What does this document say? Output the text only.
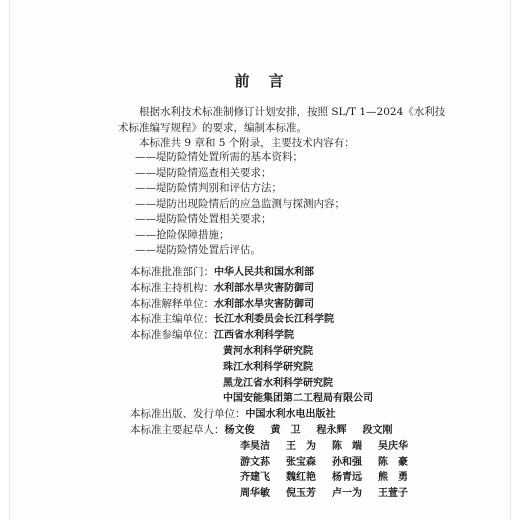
前　言

根据水利技术标准制修订计划安排，按照 SL/T 1—2024《水利技术标准编写规程》的要求，编制本标准。
本标准共 9 章和 5 个附录，主要技术内容有：

——堤防险情处置所需的基本资料；
——堤防险情巡查相关要求；
——堤防险情判别和评估方法；
——堤防出现险情后的应急监测与探测内容；
——堤防险情处置相关要求；
——抢险保障措施；
——堤防险情处置后评估。
本标准批准部门： 中华人民共和国水利部
本标准主持机构： 水利部水旱灾害防御司
本标准解释单位： 水利部水旱灾害防御司
本标准主编单位： 长江水利委员会长江科学院
本标准参编单位： 江西省水利科学院
黄河水利科学研究院
珠江水利科学研究院
黑龙江省水利科学研究院
中国安能集团第二工程局有限公司
本标准出版、发行单位： 中国水利水电出版社
本标准主要起草人： 杨文俊	黄　卫	程永辉	段文刚
李昊洁	王　为	陈　端	吴庆华
游文荪	张宝森	孙和强	陈　豪
齐建飞	魏红艳	杨青远	熊　勇
周华敏	倪玉芳	卢一为	王萱子
